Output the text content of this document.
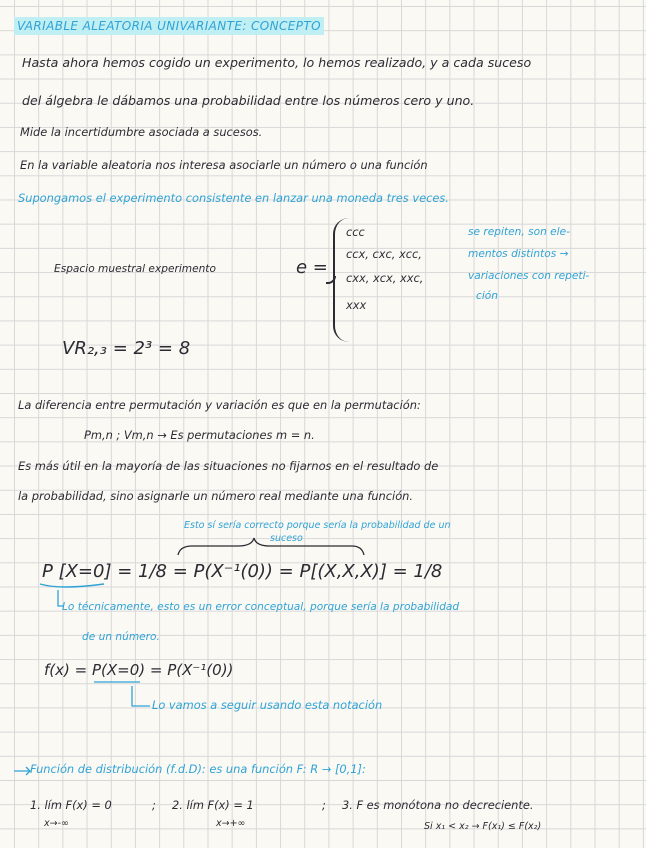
VARIABLE ALEATORIA UNIVARIANTE: CONCEPTO
Hasta ahora hemos cogido un experimento, lo hemos realizado, y a cada suceso
del álgebra le dábamos una probabilidad entre los números cero y uno.
Mide la incertidumbre asociada a sucesos.
En la variable aleatoria nos interesa asociarle un número o una función
Supongamos el experimento consistente en lanzar una moneda tres veces.
Espacio muestral experimento	e =
ccc
ccx, cxc, xcc,
cxx, xcx, xxc,
xxx
se repiten, son ele-
mentos distintos →
variaciones con repeti-
ción
VR₂,₃ = 2³ = 8
La diferencia entre permutación y variación es que en la permutación:
Pm,n ; Vm,n → Es permutaciones m = n.
Es más útil en la mayoría de las situaciones no fijarnos en el resultado de
la probabilidad, sino asignarle un número real mediante una función.
Esto sí sería correcto porque sería la probabilidad de un
suceso
P [X=0] = 1/8 = P(X⁻¹(0)) = P[(X,X,X)] = 1/8
Lo técnicamente, esto es un error conceptual, porque sería la probabilidad
de un número.
f(x) = P(X=0) = P(X⁻¹(0))
Lo vamos a seguir usando esta notación
Función de distribución (f.d.D): es una función F: R → [0,1]:
1. lím F(x) = 0
x→-∞
; 2. lím F(x) = 1
x→+∞
; 3. F es monótona no decreciente.
Si x₁ < x₂ → F(x₁) ≤ F(x₂)
